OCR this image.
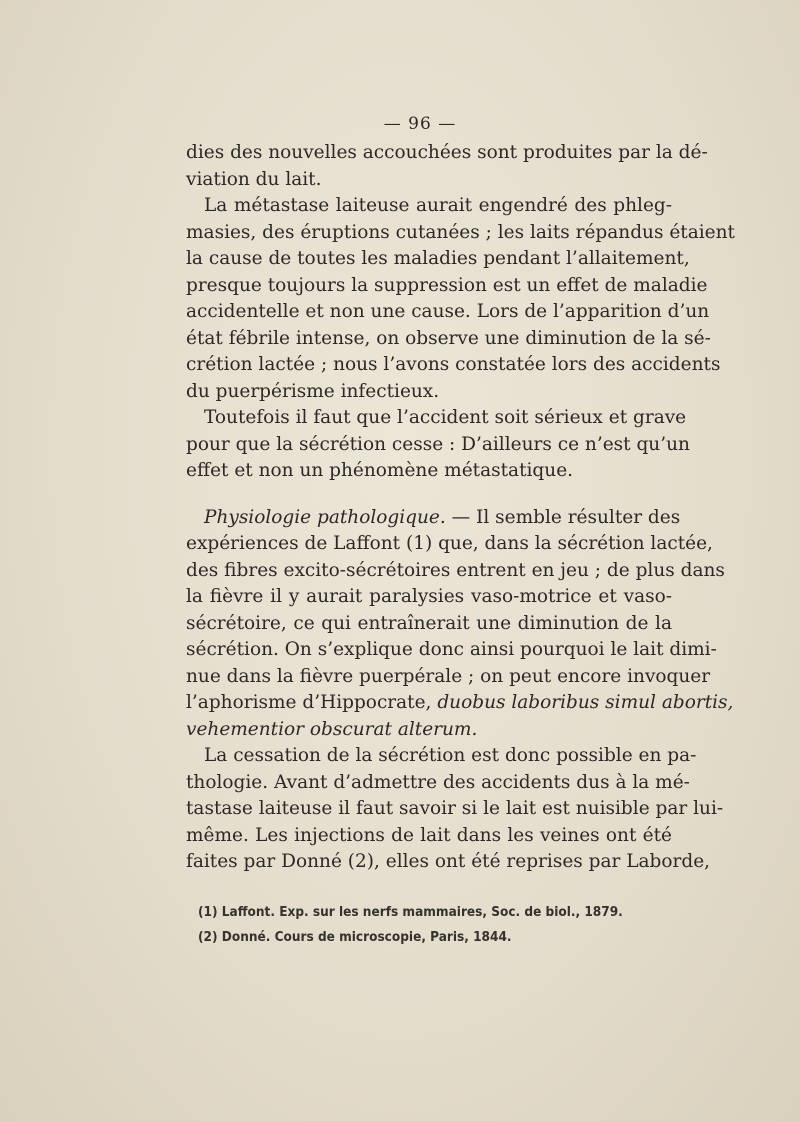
— 96 —
dies des nouvelles accouchées sont produites par la dé-
viation du lait.
La métastase laiteuse aurait engendré des phleg-
masies, des éruptions cutanées ; les laits répandus étaient
la cause de toutes les maladies pendant l’allaitement,
presque toujours la suppression est un effet de maladie
accidentelle et non une cause. Lors de l’apparition d’un
état fébrile intense, on observe une diminution de la sé-
crétion lactée ; nous l’avons constatée lors des accidents
du puerpérisme infectieux.
Toutefois il faut que l’accident soit sérieux et grave
pour que la sécrétion cesse : D’ailleurs ce n’est qu’un
effet et non un phénomène métastatique.
Physiologie pathologique. — Il semble résulter des
expériences de Laffont (1) que, dans la sécrétion lactée,
des fibres excito-sécrétoires entrent en jeu ; de plus dans
la fièvre il y aurait paralysies vaso-motrice et vaso-
sécrétoire, ce qui entraînerait une diminution de la
sécrétion. On s’explique donc ainsi pourquoi le lait dimi-
nue dans la fièvre puerpérale ; on peut encore invoquer
l’aphorisme d’Hippocrate, duobus laboribus simul abortis,
vehementior obscurat alterum.
La cessation de la sécrétion est donc possible en pa-
thologie. Avant d’admettre des accidents dus à la mé-
tastase laiteuse il faut savoir si le lait est nuisible par lui-
même. Les injections de lait dans les veines ont été
faites par Donné (2), elles ont été reprises par Laborde,
(1) Laffont. Exp. sur les nerfs mammaires, Soc. de biol., 1879.
(2) Donné. Cours de microscopie, Paris, 1844.
